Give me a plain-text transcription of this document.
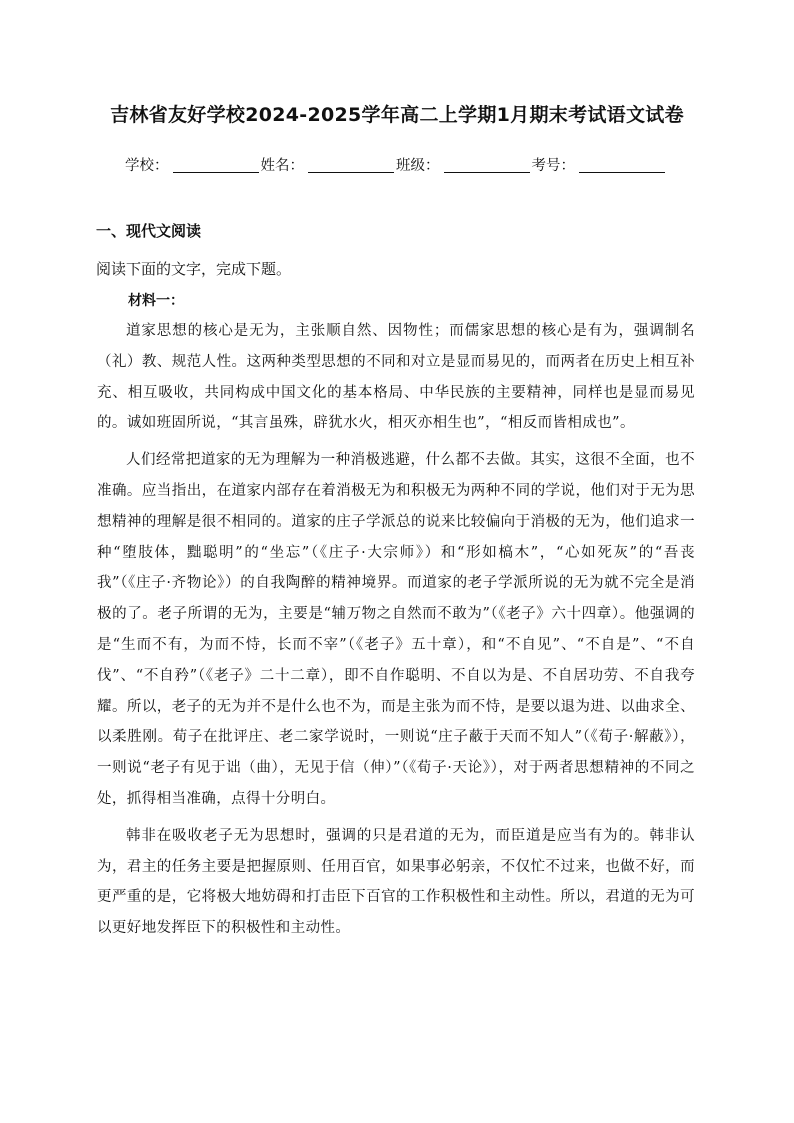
吉林省友好学校2024-2025学年高二上学期1月期末考试语文试卷
学校：	姓名：	班级：	考号：
一、现代文阅读
阅读下面的文字，完成下题。
材料一：

道家思想的核心是无为，主张顺自然、因物性；而儒家思想的核心是有为，强调制名（礼）教、规范人性。这两种类型思想的不同和对立是显而易见的，而两者在历史上相互补充、相互吸收，共同构成中国文化的基本格局、中华民族的主要精神，同样也是显而易见的。诚如班固所说，“其言虽殊，辟犹水火，相灭亦相生也”，“相反而皆相成也”。

人们经常把道家的无为理解为一种消极逃避，什么都不去做。其实，这很不全面，也不准确。应当指出，在道家内部存在着消极无为和积极无为两种不同的学说，他们对于无为思想精神的理解是很不相同的。道家的庄子学派总的说来比较偏向于消极的无为，他们追求一种“堕肢体，黜聪明”的“坐忘”（《庄子·大宗师》）和“形如槁木”，“心如死灰”的“吾丧我”（《庄子·齐物论》）的自我陶醉的精神境界。而道家的老子学派所说的无为就不完全是消极的了。老子所谓的无为，主要是“辅万物之自然而不敢为”（《老子》六十四章）。他强调的是“生而不有，为而不恃，长而不宰”（《老子》五十章），和“不自见”、“不自是”、“不自伐”、“不自矜”（《老子》二十二章），即不自作聪明、不自以为是、不自居功劳、不自我夸耀。所以，老子的无为并不是什么也不为，而是主张为而不恃，是要以退为进、以曲求全、以柔胜刚。荀子在批评庄、老二家学说时，一则说“庄子蔽于天而不知人”（《荀子·解蔽》），一则说“老子有见于诎（曲），无见于信（伸）”（《荀子·天论》），对于两者思想精神的不同之处，抓得相当准确，点得十分明白。

韩非在吸收老子无为思想时，强调的只是君道的无为，而臣道是应当有为的。韩非认为，君主的任务主要是把握原则、任用百官，如果事必躬亲，不仅忙不过来，也做不好，而更严重的是，它将极大地妨碍和打击臣下百官的工作积极性和主动性。所以，君道的无为可以更好地发挥臣下的积极性和主动性。
